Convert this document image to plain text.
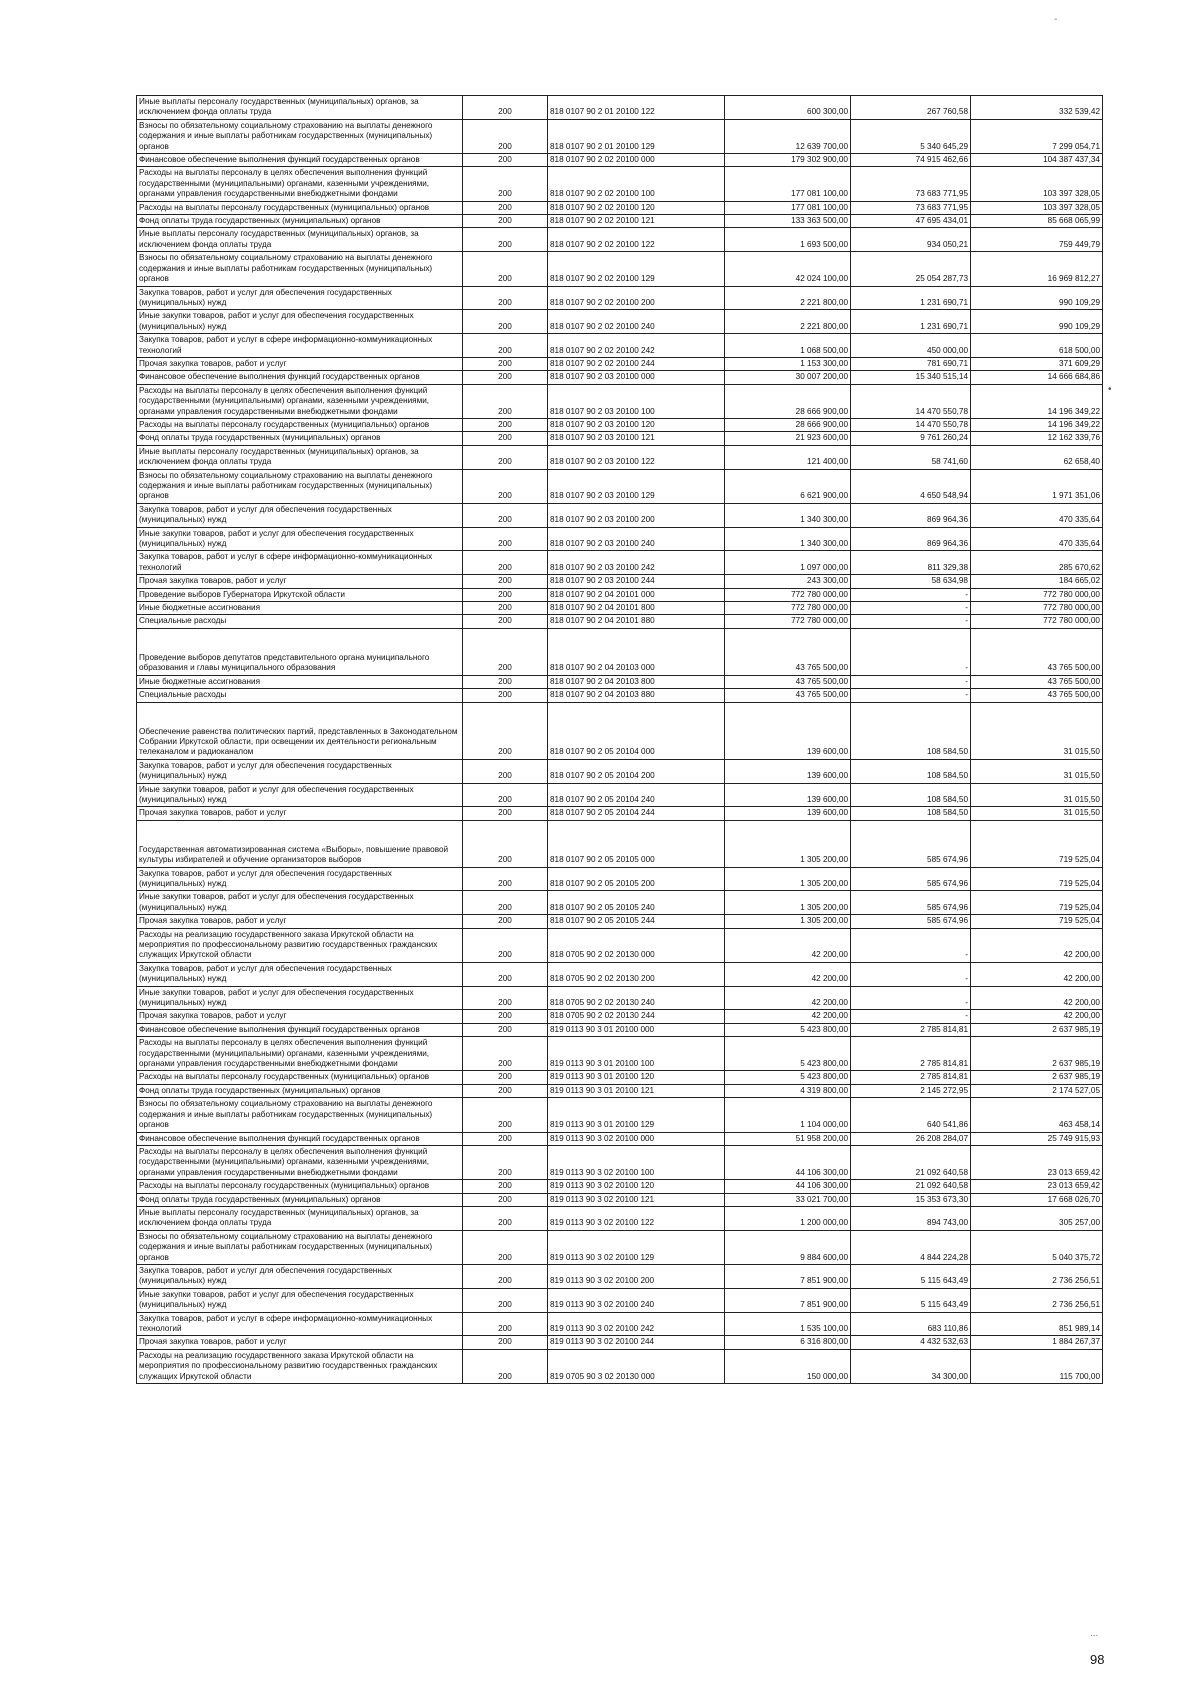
-
•
...
Иные выплаты персоналу государственных (муниципальных) органов, за исключением фонда оплаты труда	200	818 0107 90 2 01 20100 122	600 300,00	267 760,58	332 539,42
Взносы по обязательному социальному страхованию на выплаты денежного содержания и иные выплаты работникам государственных (муниципальных) органов	200	818 0107 90 2 01 20100 129	12 639 700,00	5 340 645,29	7 299 054,71
Финансовое обеспечение выполнения функций государственных органов	200	818 0107 90 2 02 20100 000	179 302 900,00	74 915 462,66	104 387 437,34
Расходы на выплаты персоналу в целях обеспечения выполнения функций государственными (муниципальными) органами, казенными учреждениями, органами управления государственными внебюджетными фондами	200	818 0107 90 2 02 20100 100	177 081 100,00	73 683 771,95	103 397 328,05
Расходы на выплаты персоналу государственных (муниципальных) органов	200	818 0107 90 2 02 20100 120	177 081 100,00	73 683 771,95	103 397 328,05
Фонд оплаты труда государственных (муниципальных) органов	200	818 0107 90 2 02 20100 121	133 363 500,00	47 695 434,01	85 668 065,99
Иные выплаты персоналу государственных (муниципальных) органов, за исключением фонда оплаты труда	200	818 0107 90 2 02 20100 122	1 693 500,00	934 050,21	759 449,79
Взносы по обязательному социальному страхованию на выплаты денежного содержания и иные выплаты работникам государственных (муниципальных) органов	200	818 0107 90 2 02 20100 129	42 024 100,00	25 054 287,73	16 969 812,27
Закупка товаров, работ и услуг для обеспечения государственных (муниципальных) нужд	200	818 0107 90 2 02 20100 200	2 221 800,00	1 231 690,71	990 109,29
Иные закупки товаров, работ и услуг для обеспечения государственных (муниципальных) нужд	200	818 0107 90 2 02 20100 240	2 221 800,00	1 231 690,71	990 109,29
Закупка товаров, работ и услуг в сфере информационно-коммуникационных технологий	200	818 0107 90 2 02 20100 242	1 068 500,00	450 000,00	618 500,00
Прочая закупка товаров, работ и услуг	200	818 0107 90 2 02 20100 244	1 153 300,00	781 690,71	371 609,29
Финансовое обеспечение выполнения функций государственных органов	200	818 0107 90 2 03 20100 000	30 007 200,00	15 340 515,14	14 666 684,86
Расходы на выплаты персоналу в целях обеспечения выполнения функций государственными (муниципальными) органами, казенными учреждениями, органами управления государственными внебюджетными фондами	200	818 0107 90 2 03 20100 100	28 666 900,00	14 470 550,78	14 196 349,22
Расходы на выплаты персоналу государственных (муниципальных) органов	200	818 0107 90 2 03 20100 120	28 666 900,00	14 470 550,78	14 196 349,22
Фонд оплаты труда государственных (муниципальных) органов	200	818 0107 90 2 03 20100 121	21 923 600,00	9 761 260,24	12 162 339,76
Иные выплаты персоналу государственных (муниципальных) органов, за исключением фонда оплаты труда	200	818 0107 90 2 03 20100 122	121 400,00	58 741,60	62 658,40
Взносы по обязательному социальному страхованию на выплаты денежного содержания и иные выплаты работникам государственных (муниципальных) органов	200	818 0107 90 2 03 20100 129	6 621 900,00	4 650 548,94	1 971 351,06
Закупка товаров, работ и услуг для обеспечения государственных (муниципальных) нужд	200	818 0107 90 2 03 20100 200	1 340 300,00	869 964,36	470 335,64
Иные закупки товаров, работ и услуг для обеспечения государственных (муниципальных) нужд	200	818 0107 90 2 03 20100 240	1 340 300,00	869 964,36	470 335,64
Закупка товаров, работ и услуг в сфере информационно-коммуникационных технологий	200	818 0107 90 2 03 20100 242	1 097 000,00	811 329,38	285 670,62
Прочая закупка товаров, работ и услуг	200	818 0107 90 2 03 20100 244	243 300,00	58 634,98	184 665,02
Проведение выборов Губернатора Иркутской области	200	818 0107 90 2 04 20101 000	772 780 000,00	-	772 780 000,00
Иные бюджетные ассигнования	200	818 0107 90 2 04 20101 800	772 780 000,00	-	772 780 000,00
Специальные расходы	200	818 0107 90 2 04 20101 880	772 780 000,00	-	772 780 000,00
Проведение выборов депутатов представительного органа муниципального образования и главы муниципального образования	200	818 0107 90 2 04 20103 000	43 765 500,00	-	43 765 500,00
Иные бюджетные ассигнования	200	818 0107 90 2 04 20103 800	43 765 500,00	-	43 765 500,00
Специальные расходы	200	818 0107 90 2 04 20103 880	43 765 500,00	-	43 765 500,00
Обеспечение равенства политических партий, представленных в Законодательном Собрании Иркутской области, при освещении их деятельности региональным телеканалом и радиоканалом	200	818 0107 90 2 05 20104 000	139 600,00	108 584,50	31 015,50
Закупка товаров, работ и услуг для обеспечения государственных (муниципальных) нужд	200	818 0107 90 2 05 20104 200	139 600,00	108 584,50	31 015,50
Иные закупки товаров, работ и услуг для обеспечения государственных (муниципальных) нужд	200	818 0107 90 2 05 20104 240	139 600,00	108 584,50	31 015,50
Прочая закупка товаров, работ и услуг	200	818 0107 90 2 05 20104 244	139 600,00	108 584,50	31 015,50
Государственная автоматизированная система «Выборы», повышение правовой культуры избирателей и обучение организаторов выборов	200	818 0107 90 2 05 20105 000	1 305 200,00	585 674,96	719 525,04
Закупка товаров, работ и услуг для обеспечения государственных (муниципальных) нужд	200	818 0107 90 2 05 20105 200	1 305 200,00	585 674,96	719 525,04
Иные закупки товаров, работ и услуг для обеспечения государственных (муниципальных) нужд	200	818 0107 90 2 05 20105 240	1 305 200,00	585 674,96	719 525,04
Прочая закупка товаров, работ и услуг	200	818 0107 90 2 05 20105 244	1 305 200,00	585 674,96	719 525,04
Расходы на реализацию государственного заказа Иркутской области на мероприятия по профессиональному развитию государственных гражданских служащих Иркутской области	200	818 0705 90 2 02 20130 000	42 200,00	-	42 200,00
Закупка товаров, работ и услуг для обеспечения государственных (муниципальных) нужд	200	818 0705 90 2 02 20130 200	42 200,00	-	42 200,00
Иные закупки товаров, работ и услуг для обеспечения государственных (муниципальных) нужд	200	818 0705 90 2 02 20130 240	42 200,00	-	42 200,00
Прочая закупка товаров, работ и услуг	200	818 0705 90 2 02 20130 244	42 200,00	-	42 200,00
Финансовое обеспечение выполнения функций государственных органов	200	819 0113 90 3 01 20100 000	5 423 800,00	2 785 814,81	2 637 985,19
Расходы на выплаты персоналу в целях обеспечения выполнения функций государственными (муниципальными) органами, казенными учреждениями, органами управления государственными внебюджетными фондами	200	819 0113 90 3 01 20100 100	5 423 800,00	2 785 814,81	2 637 985,19
Расходы на выплаты персоналу государственных (муниципальных) органов	200	819 0113 90 3 01 20100 120	5 423 800,00	2 785 814,81	2 637 985,19
Фонд оплаты труда государственных (муниципальных) органов	200	819 0113 90 3 01 20100 121	4 319 800,00	2 145 272,95	2 174 527,05
Взносы по обязательному социальному страхованию на выплаты денежного содержания и иные выплаты работникам государственных (муниципальных) органов	200	819 0113 90 3 01 20100 129	1 104 000,00	640 541,86	463 458,14
Финансовое обеспечение выполнения функций государственных органов	200	819 0113 90 3 02 20100 000	51 958 200,00	26 208 284,07	25 749 915,93
Расходы на выплаты персоналу в целях обеспечения выполнения функций государственными (муниципальными) органами, казенными учреждениями, органами управления государственными внебюджетными фондами	200	819 0113 90 3 02 20100 100	44 106 300,00	21 092 640,58	23 013 659,42
Расходы на выплаты персоналу государственных (муниципальных) органов	200	819 0113 90 3 02 20100 120	44 106 300,00	21 092 640,58	23 013 659,42
Фонд оплаты труда государственных (муниципальных) органов	200	819 0113 90 3 02 20100 121	33 021 700,00	15 353 673,30	17 668 026,70
Иные выплаты персоналу государственных (муниципальных) органов, за исключением фонда оплаты труда	200	819 0113 90 3 02 20100 122	1 200 000,00	894 743,00	305 257,00
Взносы по обязательному социальному страхованию на выплаты денежного содержания и иные выплаты работникам государственных (муниципальных) органов	200	819 0113 90 3 02 20100 129	9 884 600,00	4 844 224,28	5 040 375,72
Закупка товаров, работ и услуг для обеспечения государственных (муниципальных) нужд	200	819 0113 90 3 02 20100 200	7 851 900,00	5 115 643,49	2 736 256,51
Иные закупки товаров, работ и услуг для обеспечения государственных (муниципальных) нужд	200	819 0113 90 3 02 20100 240	7 851 900,00	5 115 643,49	2 736 256,51
Закупка товаров, работ и услуг в сфере информационно-коммуникационных технологий	200	819 0113 90 3 02 20100 242	1 535 100,00	683 110,86	851 989,14
Прочая закупка товаров, работ и услуг	200	819 0113 90 3 02 20100 244	6 316 800,00	4 432 532,63	1 884 267,37
Расходы на реализацию государственного заказа Иркутской области на мероприятия по профессиональному развитию государственных гражданских служащих Иркутской области	200	819 0705 90 3 02 20130 000	150 000,00	34 300,00	115 700,00
98
